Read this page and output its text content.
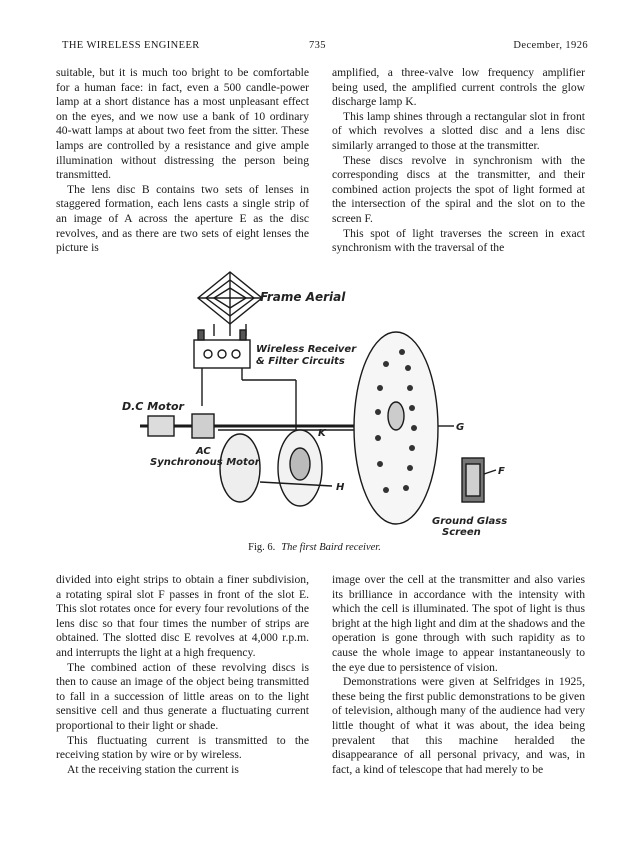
THE WIRELESS ENGINEER	735	December, 1926

suitable, but it is much too bright to be comfortable for a human face: in fact, even a 500 candle-power lamp at a short distance has a most unpleasant effect on the eyes, and we now use a bank of 10 ordinary 40-watt lamps at about two feet from the sitter. These lamps are controlled by a resistance and give ample illumination without distressing the person being transmitted.

The lens disc B contains two sets of lenses in staggered formation, each lens casts a single strip of an image of A across the aperture E as the disc revolves, and as there are two sets of eight lenses the picture is

amplified, a three-valve low frequency amplifier being used, the amplified current controls the glow discharge lamp K.

This lamp shines through a rectangular slot in front of which revolves a slotted disc and a lens disc similarly arranged to those at the transmitter.

These discs revolve in synchronism with the corresponding discs at the transmitter, and their combined action projects the spot of light formed at the intersection of the spiral and the slot on to the screen F.

This spot of light traverses the screen in exact synchronism with the traversal of the

Frame Aerial
Wireless Receiver
& Filter Circuits
D.C Motor
AC
Synchronous Motor
K
G
H
F
Ground Glass
Screen
Fig. 6. The first Baird receiver.

divided into eight strips to obtain a finer subdivision, a rotating spiral slot F passes in front of the slot E. This slot rotates once for every four revolutions of the lens disc so that four times the number of strips are obtained. The slotted disc E revolves at 4,000 r.p.m. and interrupts the light at a high frequency.

The combined action of these revolving discs is then to cause an image of the object being transmitted to fall in a succession of little areas on to the light sensitive cell and thus generate a fluctuating current proportional to their light or shade.

This fluctuating current is transmitted to the receiving station by wire or by wireless.

At the receiving station the current is

image over the cell at the transmitter and also varies its brilliance in accordance with the intensity with which the cell is illuminated. The spot of light is thus bright at the high light and dim at the shadows and the operation is gone through with such rapidity as to cause the whole image to appear instantaneously to the eye due to persistence of vision.

Demonstrations were given at Selfridges in 1925, these being the first public demonstrations to be given of television, although many of the audience had very little thought of what it was about, the idea being prevalent that this machine heralded the disappearance of all personal privacy, and was, in fact, a kind of telescope that had merely to be
